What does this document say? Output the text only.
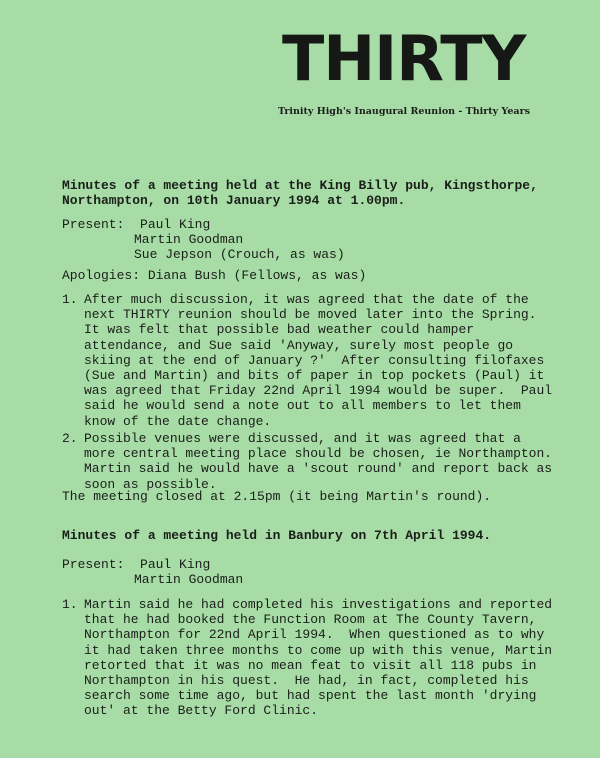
THIRTY
Trinity High's Inaugural Reunion - Thirty Years
Minutes of a meeting held at the King Billy pub, Kingsthorpe,
Northampton, on 10th January 1994 at 1.00pm.
Present: Paul King
Martin Goodman
Sue Jepson (Crouch, as was)
Apologies: Diana Bush (Fellows, as was)
1. After much discussion, it was agreed that the date of the
next THIRTY reunion should be moved later into the Spring.
It was felt that possible bad weather could hamper
attendance, and Sue said 'Anyway, surely most people go
skiing at the end of January ?'  After consulting filofaxes
(Sue and Martin) and bits of paper in top pockets (Paul) it
was agreed that Friday 22nd April 1994 would be super.  Paul
said he would send a note out to all members to let them
know of the date change.
2. Possible venues were discussed, and it was agreed that a
more central meeting place should be chosen, ie Northampton.
Martin said he would have a 'scout round' and report back as
soon as possible.
The meeting closed at 2.15pm (it being Martin's round).
Minutes of a meeting held in Banbury on 7th April 1994.
Present: Paul King
Martin Goodman
1. Martin said he had completed his investigations and reported
that he had booked the Function Room at The County Tavern,
Northampton for 22nd April 1994.  When questioned as to why
it had taken three months to come up with this venue, Martin
retorted that it was no mean feat to visit all 118 pubs in
Northampton in his quest.  He had, in fact, completed his
search some time ago, but had spent the last month 'drying
out' at the Betty Ford Clinic.
